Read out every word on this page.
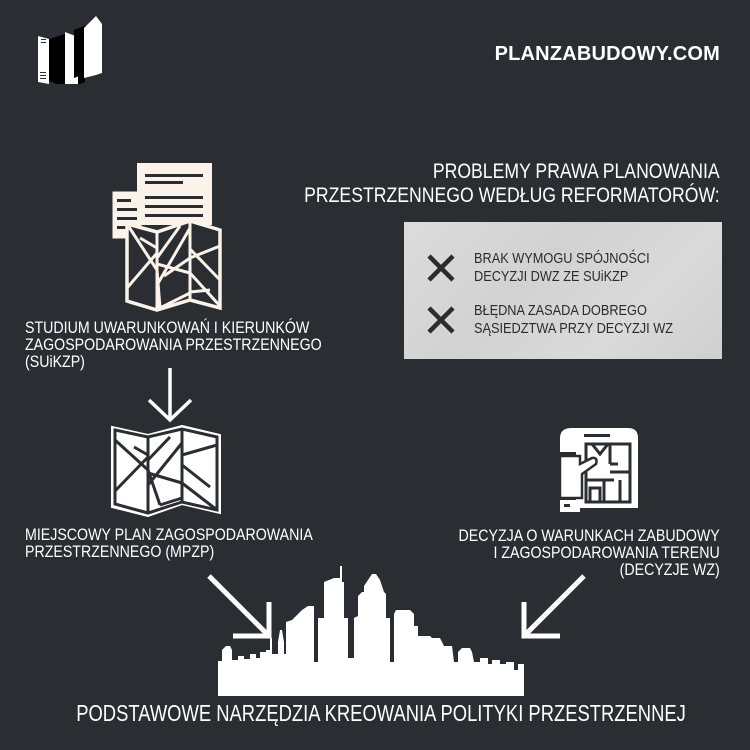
PLANZABUDOWY.COM
PROBLEMY PRAWA PLANOWANIA
PRZESTRZENNEGO WEDŁUG REFORMATORÓW:
BRAK WYMOGU SPÓJNOŚCI
DECYZJI DWZ ZE SUiKZP
BŁĘDNA ZASADA DOBREGO
SĄSIEDZTWA PRZY DECYZJI WZ
STUDIUM UWARUNKOWAŃ I KIERUNKÓW
ZAGOSPODAROWANIA PRZESTRZENNEGO
(SUiKZP)
MIEJSCOWY PLAN ZAGOSPODAROWANIA
PRZESTRZENNEGO (MPZP)
DECYZJA O WARUNKACH ZABUDOWY
I ZAGOSPODAROWANIA TERENU
(DECYZJE WZ)
PODSTAWOWE NARZĘDZIA KREOWANIA POLITYKI PRZESTRZENNEJ
